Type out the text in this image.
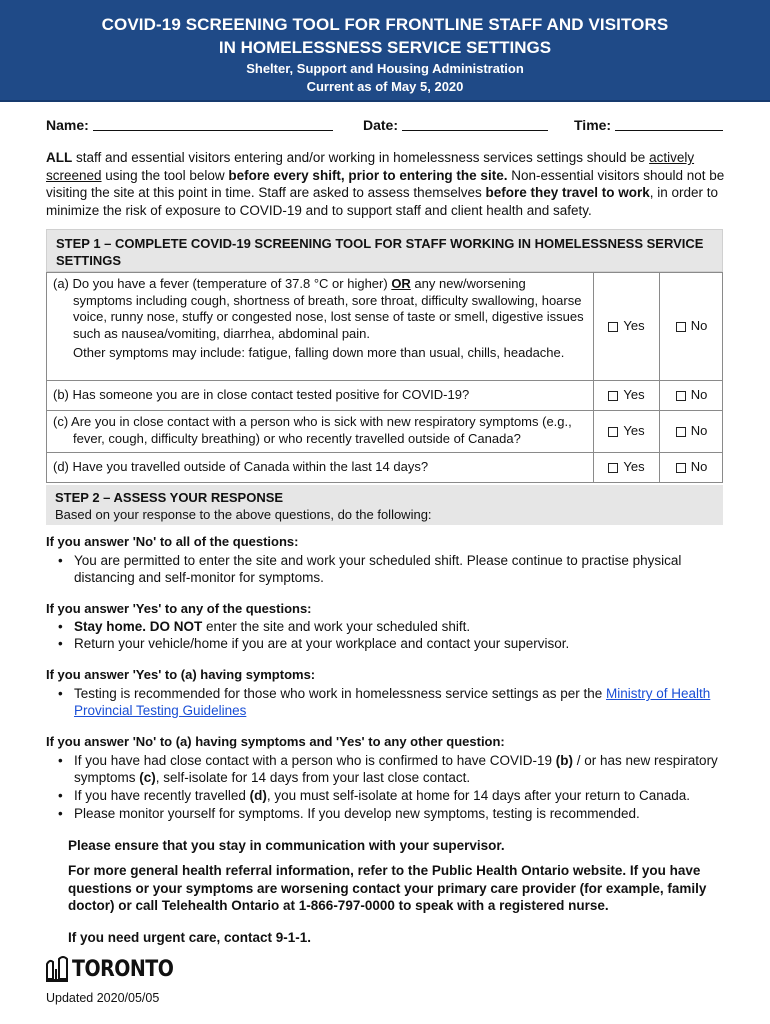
COVID-19 SCREENING TOOL FOR FRONTLINE STAFF AND VISITORS
IN HOMELESSNESS SERVICE SETTINGS
Shelter, Support and Housing Administration
Current as of May 5, 2020
Name:	Date:	Time:
ALL staff and essential visitors entering and/or working in homelessness services settings should be actively screened using the tool below before every shift, prior to entering the site. Non-essential visitors should not be visiting the site at this point in time. Staff are asked to assess themselves before they travel to work, in order to minimize the risk of exposure to COVID-19 and to support staff and client health and safety.
STEP 1 – COMPLETE COVID-19 SCREENING TOOL FOR STAFF WORKING IN HOMELESSNESS SERVICE SETTINGS
(a) Do you have a fever (temperature of 37.8 °C or higher) OR any new/worsening symptoms including cough, shortness of breath, sore throat, difficulty swallowing, hoarse voice, runny nose, stuffy or congested nose, lost sense of taste or smell, digestive issues such as nausea/vomiting, diarrhea, abdominal pain.
Other symptoms may include: fatigue, falling down more than usual, chills, headache.
Yes	No
(b) Has someone you are in close contact tested positive for COVID-19?	Yes	No
(c) Are you in close contact with a person who is sick with new respiratory symptoms (e.g., fever, cough, difficulty breathing) or who recently travelled outside of Canada?	Yes	No
(d) Have you travelled outside of Canada within the last 14 days?	Yes	No
STEP 2 – ASSESS YOUR RESPONSE
Based on your response to the above questions, do the following:
If you answer 'No' to all of the questions:
• You are permitted to enter the site and work your scheduled shift. Please continue to practise physical distancing and self-monitor for symptoms.
If you answer 'Yes' to any of the questions:
• Stay home. DO NOT enter the site and work your scheduled shift.
• Return your vehicle/home if you are at your workplace and contact your supervisor.
If you answer 'Yes' to (a) having symptoms:
• Testing is recommended for those who work in homelessness service settings as per the Ministry of Health Provincial Testing Guidelines
If you answer 'No' to (a) having symptoms and 'Yes' to any other question:
• If you have had close contact with a person who is confirmed to have COVID-19 (b) / or has new respiratory symptoms (c), self-isolate for 14 days from your last close contact.
• If you have recently travelled (d), you must self-isolate at home for 14 days after your return to Canada.
• Please monitor yourself for symptoms. If you develop new symptoms, testing is recommended.
Please ensure that you stay in communication with your supervisor.
For more general health referral information, refer to the Public Health Ontario website. If you have questions or your symptoms are worsening contact your primary care provider (for example, family doctor) or call Telehealth Ontario at 1-866-797-0000 to speak with a registered nurse.
If you need urgent care, contact 9-1-1.
TORONTO
Updated 2020/05/05
